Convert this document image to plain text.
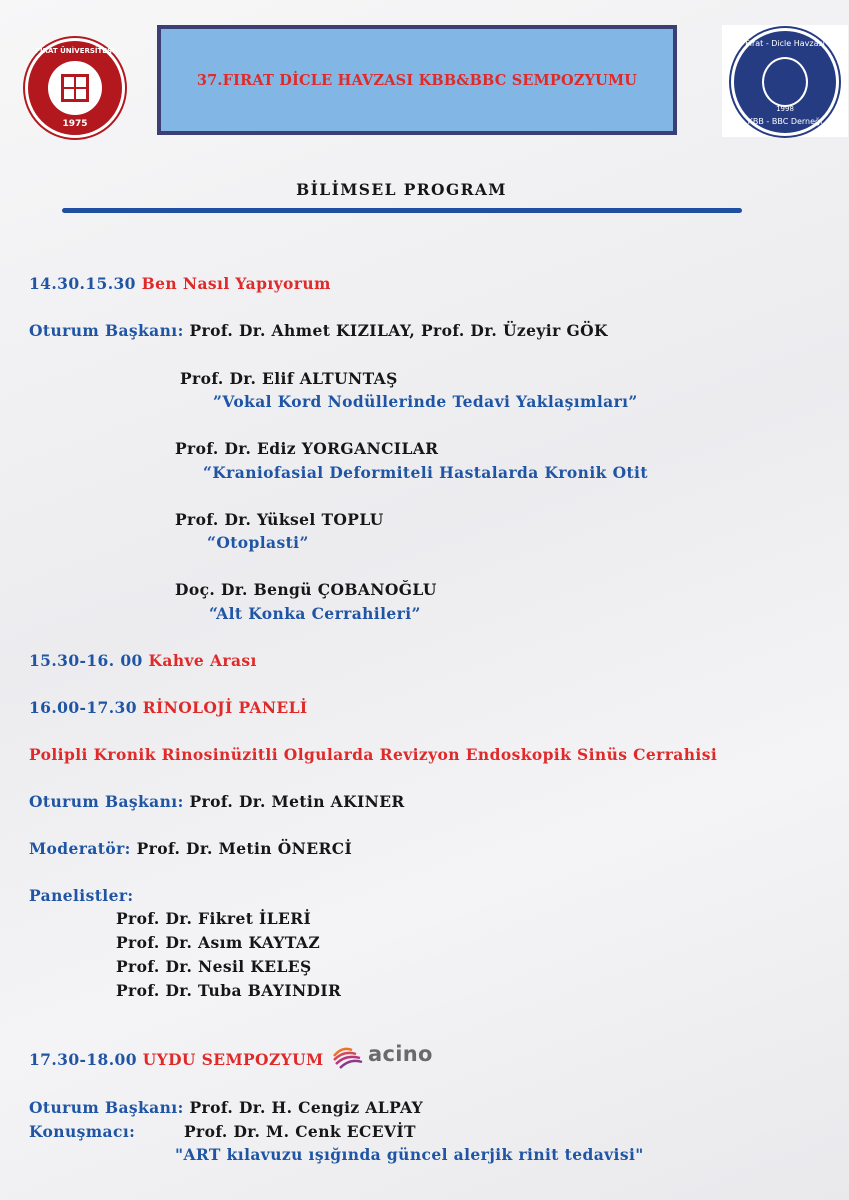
FIRAT ÜNİVERSİTESİ
1975
37.FIRAT DİCLE HAVZASI KBB&BBC SEMPOZYUMU
Fırat - Dicle Havzası
1998
KBB - BBC Derneği
BİLİMSEL PROGRAM
14.30.15.30 Ben Nasıl Yapıyorum
Oturum Başkanı: Prof. Dr. Ahmet KIZILAY, Prof. Dr. Üzeyir GÖK
Prof. Dr. Elif ALTUNTAŞ
”Vokal Kord Nodüllerinde Tedavi Yaklaşımları”
Prof. Dr. Ediz YORGANCILAR
“Kraniofasial Deformiteli Hastalarda Kronik Otit
Prof. Dr. Yüksel TOPLU
“Otoplasti”
Doç. Dr. Bengü ÇOBANOĞLU
“Alt Konka Cerrahileri”
15.30-16. 00 Kahve Arası
16.00-17.30 RİNOLOJİ PANELİ
Polipli Kronik Rinosinüzitli Olgularda Revizyon Endoskopik Sinüs Cerrahisi
Oturum Başkanı: Prof. Dr. Metin AKINER
Moderatör: Prof. Dr. Metin ÖNERCİ
Panelistler:
Prof. Dr. Fikret İLERİ
Prof. Dr. Asım KAYTAZ
Prof. Dr. Nesil KELEŞ
Prof. Dr. Tuba BAYINDIR
17.30-18.00 UYDU SEMPOZYUM acino
Oturum Başkanı: Prof. Dr. H. Cengiz ALPAY
Konuşmacı:	Prof. Dr. M. Cenk ECEVİT
"ART kılavuzu ışığında güncel alerjik rinit tedavisi"
